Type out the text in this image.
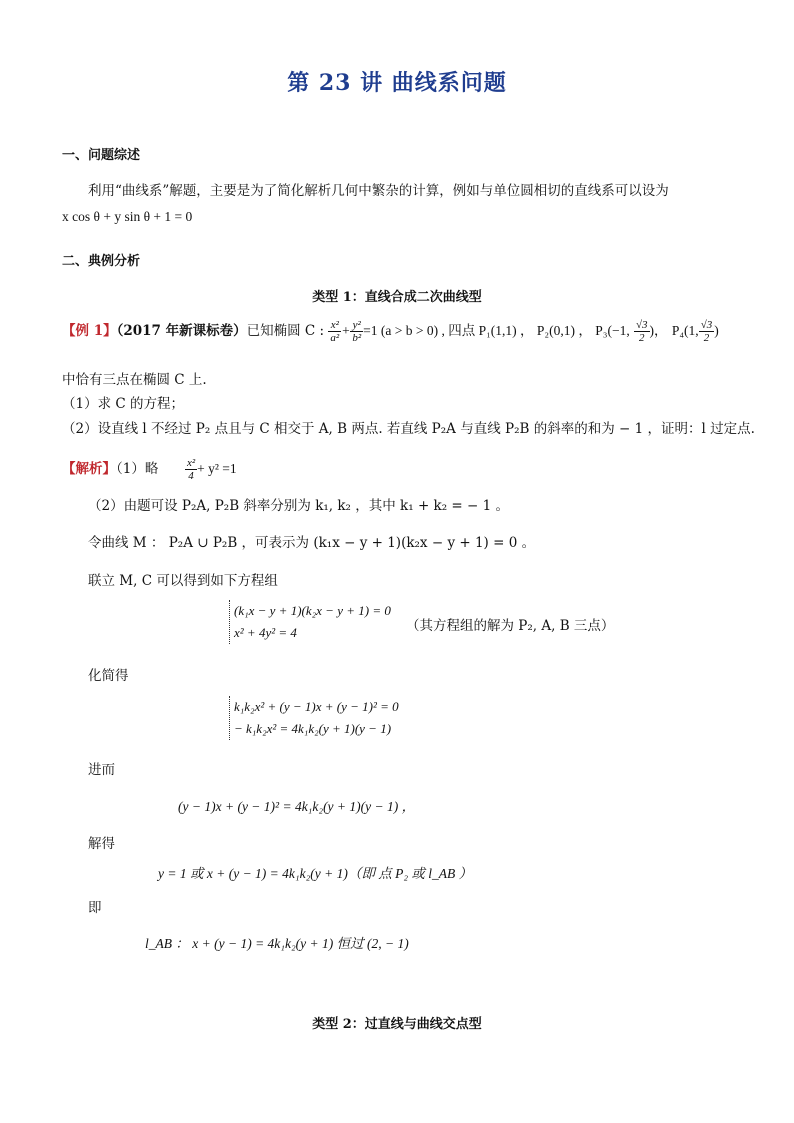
第 23 讲 曲线系问题
一、问题综述
利用“曲线系”解题，主要是为了简化解析几何中繁杂的计算，例如与单位圆相切的直线系可以设为
x cos θ + y sin θ + 1 = 0
二、典例分析
类型 1：直线合成二次曲线型
【例 1】（2017 年新课标卷）已知椭圆 C : $\frac{\text{x²}}{\text{a²}} + \frac{\text{y²}}{\text{b²}} =1$ (a > b > 0) , 四点 P₁(1,1) ， P₂(0,1) ， P₃(−1, $\frac{√3}{2}$ )， P₄(1, $\frac{√3}{2}$ )
中恰有三点在椭圆 C 上.
（1）求 C 的方程；
（2）设直线 l 不经过 P₂ 点且与 C 相交于 A, B 两点. 若直线 P₂A 与直线 P₂B 的斜率的和为 − 1 ，证明：l 过定点.
【解析】（1）略 $\frac{\text{x²}}{4} + y^2 =1$
（2）由题可设 P₂A, P₂B 斜率分别为 k₁, k₂ ，其中 k₁ + k₂ = − 1 。
令曲线 M ： P₂A ∪ P₂B ，可表示为 (k₁x − y + 1)(k₂x − y + 1) = 0 。
联立 M, C 可以得到如下方程组
(k₁x − y + 1)(k₂x − y + 1) = 0
x² + 4y² = 4	（其方程组的解为 P₂, A, B 三点）
化简得
k₁k₂x² + (y − 1)x + (y − 1)² = 0
− k₁k₂x² = 4k₁k₂(y + 1)(y − 1)
进而
(y − 1)x + (y − 1)² = 4k₁k₂(y + 1)(y − 1) ，
解得
y = 1 或 x + (y − 1) = 4k₁k₂(y + 1)（即 点 P₂ 或 l_AB ）
即
l_AB ： x + (y − 1) = 4k₁k₂(y + 1) 恒过 (2, − 1)
类型 2：过直线与曲线交点型
